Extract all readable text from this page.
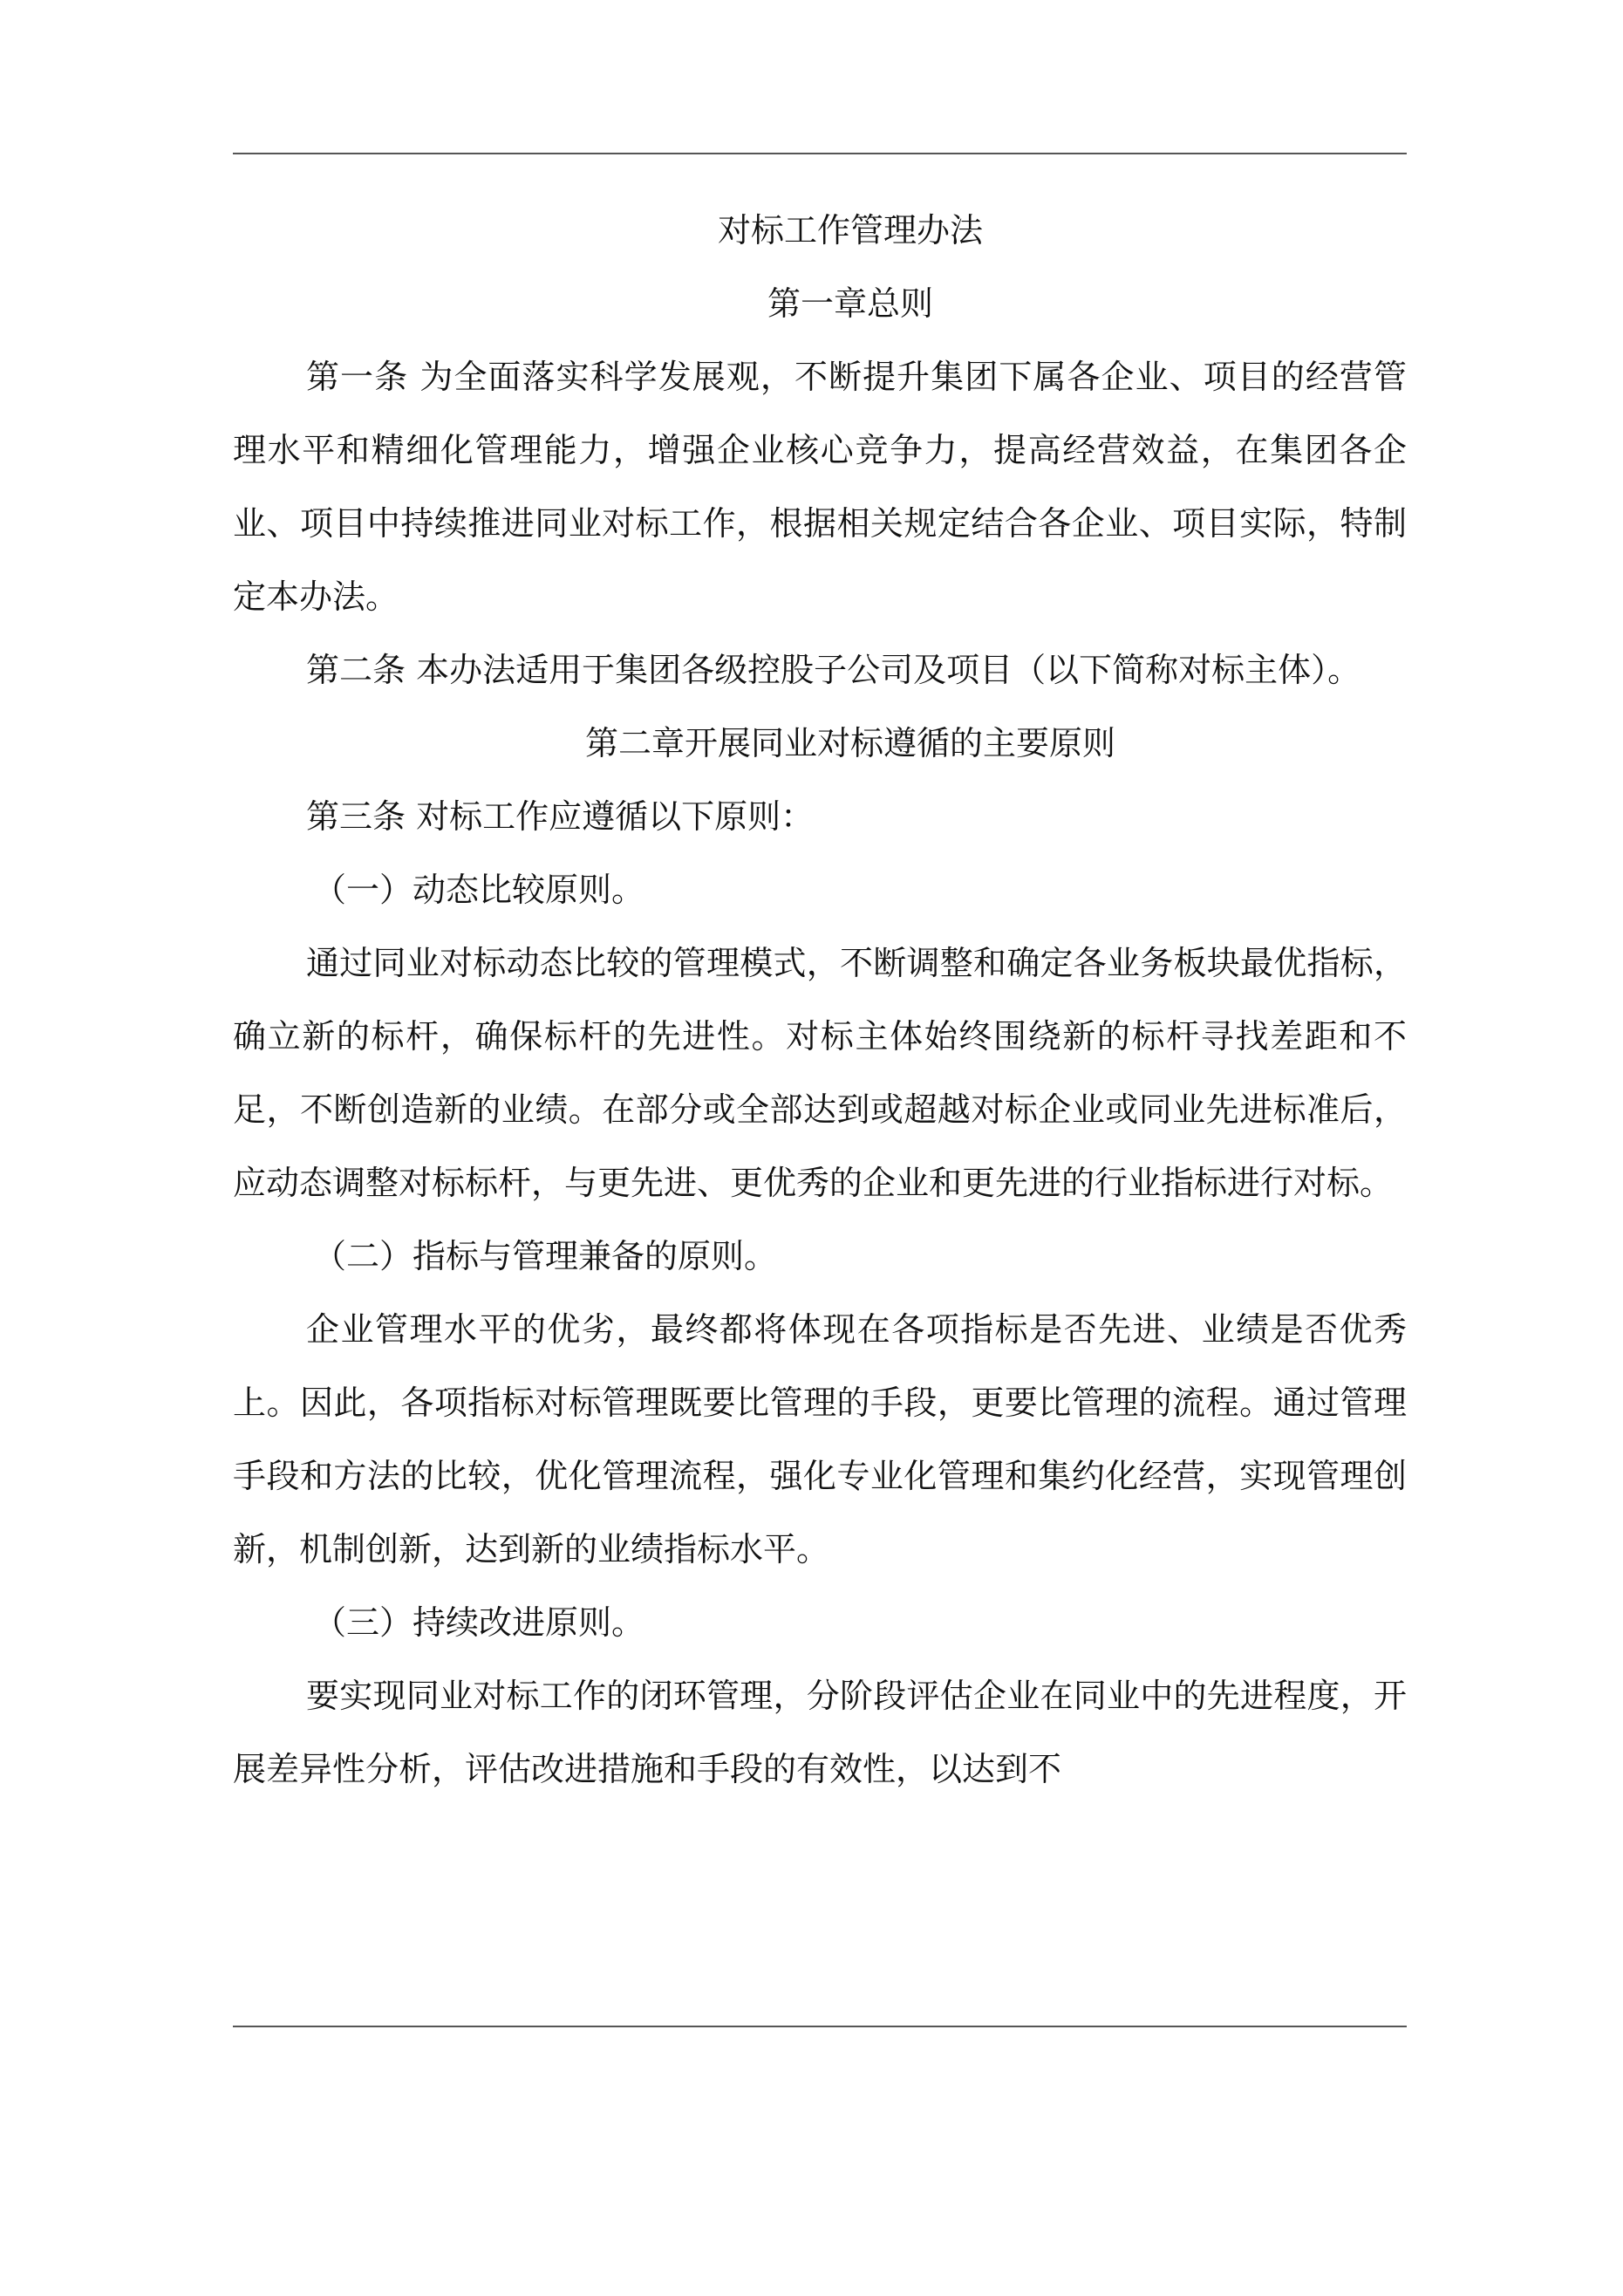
对标工作管理办法
第一章总则

第一条 为全面落实科学发展观，不断提升集团下属各企业、项目的经营管理水平和精细化管理能力，增强企业核心竞争力，提高经营效益，在集团各企业、项目中持续推进同业对标工作，根据相关规定结合各企业、项目实际，特制定本办法。

第二条 本办法适用于集团各级控股子公司及项目（以下简称对标主体）。

第二章开展同业对标遵循的主要原则

第三条 对标工作应遵循以下原则：

（一）动态比较原则。

通过同业对标动态比较的管理模式，不断调整和确定各业务板块最优指标，确立新的标杆，确保标杆的先进性。对标主体始终围绕新的标杆寻找差距和不足，不断创造新的业绩。在部分或全部达到或超越对标企业或同业先进标准后，应动态调整对标标杆，与更先进、更优秀的企业和更先进的行业指标进行对标。

（二）指标与管理兼备的原则。

企业管理水平的优劣，最终都将体现在各项指标是否先进、业绩是否优秀上。因此，各项指标对标管理既要比管理的手段，更要比管理的流程。通过管理手段和方法的比较，优化管理流程，强化专业化管理和集约化经营，实现管理创新，机制创新，达到新的业绩指标水平。

（三）持续改进原则。

要实现同业对标工作的闭环管理，分阶段评估企业在同业中的先进程度，开展差异性分析，评估改进措施和手段的有效性，以达到不
